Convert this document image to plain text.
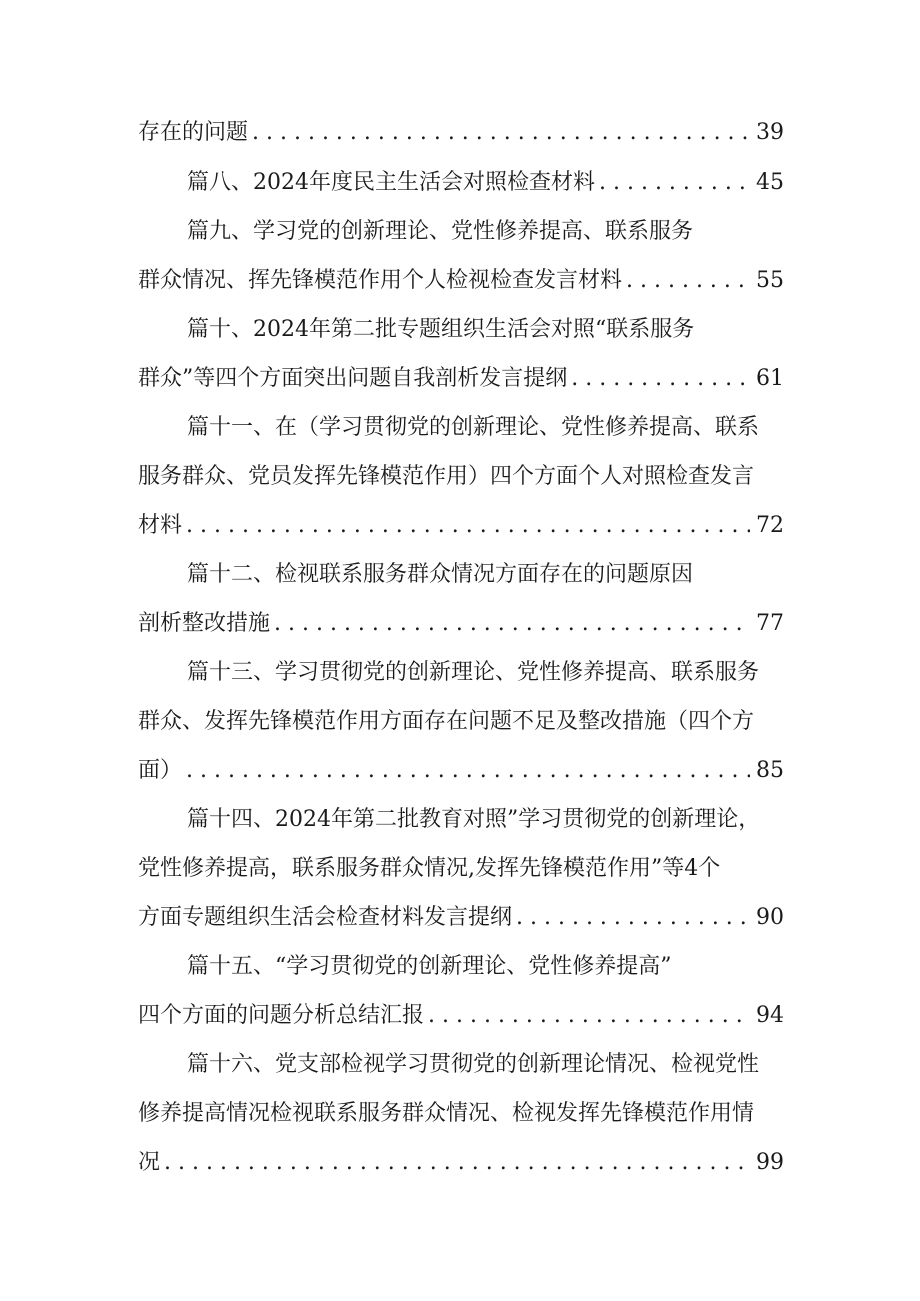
存在的问题 . . .	39
篇八、2024年度民主生活会对照检查材料 . . .	45
篇九、学习党的创新理论、党性修养提高、联系服务
群众情况、挥先锋模范作用个人检视检查发言材料 . . .	55
篇十、2024年第二批专题组织生活会对照“联系服务
群众”等四个方面突出问题自我剖析发言提纲 . . .	61
篇十一、在（学习贯彻党的创新理论、党性修养提高、联系
服务群众、党员发挥先锋模范作用）四个方面个人对照检查发言
材料 . . .	72
篇十二、检视联系服务群众情况方面存在的问题原因
剖析整改措施 . . .	77
篇十三、学习贯彻党的创新理论、党性修养提高、联系服务
群众、发挥先锋模范作用方面存在问题不足及整改措施（四个方
面） . . .	85
篇十四、2024年第二批教育对照”学习贯彻党的创新理论，
党性修养提高，联系服务群众情况,发挥先锋模范作用”等4个
方面专题组织生活会检查材料发言提纲 . . .	90
篇十五、“学习贯彻党的创新理论、党性修养提高”
四个方面的问题分析总结汇报 . . .	94
篇十六、党支部检视学习贯彻党的创新理论情况、检视党性
修养提高情况检视联系服务群众情况、检视发挥先锋模范作用情
况 . . .	99
